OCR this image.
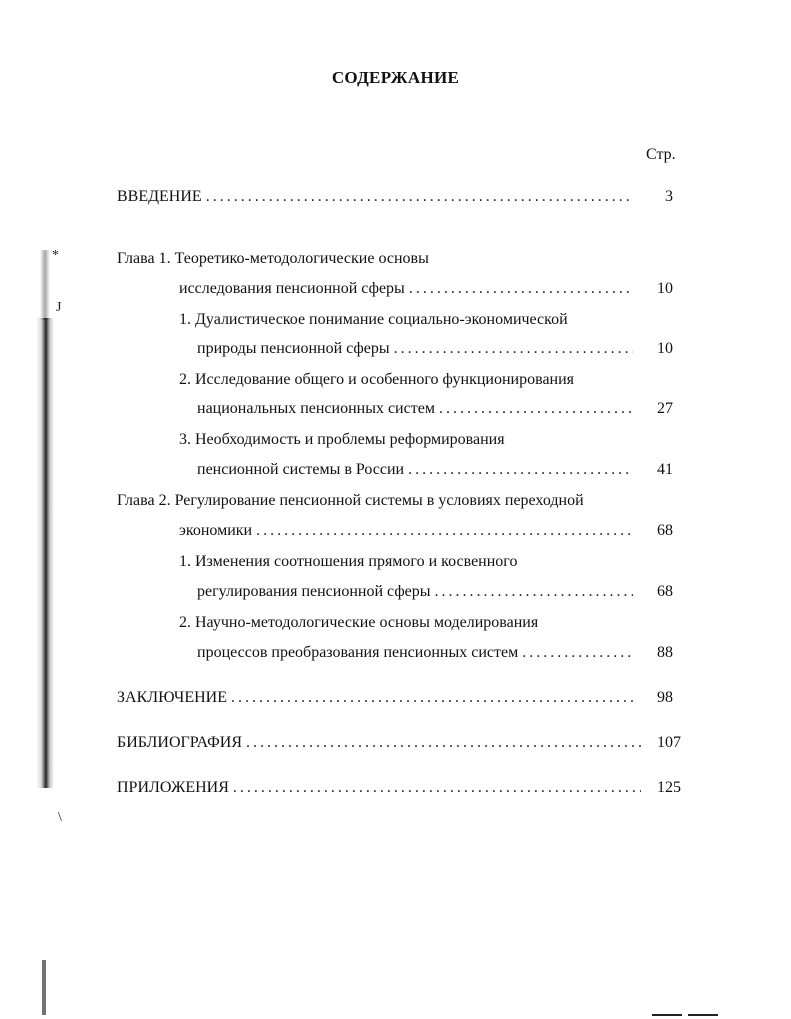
*
J
\
СОДЕРЖАНИЕ
Стр.
ВВЕДЕНИЕ .....	3
Глава 1. Теоретико-методологические основы
исследования пенсионной сферы .....	10
1. Дуалистическое понимание социально-экономической
природы пенсионной сферы .....	10
2. Исследование общего и особенного функционирования
национальных пенсионных систем .....	27
3. Необходимость и проблемы реформирования
пенсионной системы в России .....	41
Глава 2. Регулирование пенсионной системы в условиях переходной
экономики .....	68
1. Изменения соотношения прямого и косвенного
регулирования пенсионной сферы .....	68
2. Научно-методологические основы моделирования
процессов преобразования пенсионных систем .....	88
ЗАКЛЮЧЕНИЕ .....	98
БИБЛИОГРАФИЯ .....	107
ПРИЛОЖЕНИЯ .....	125
